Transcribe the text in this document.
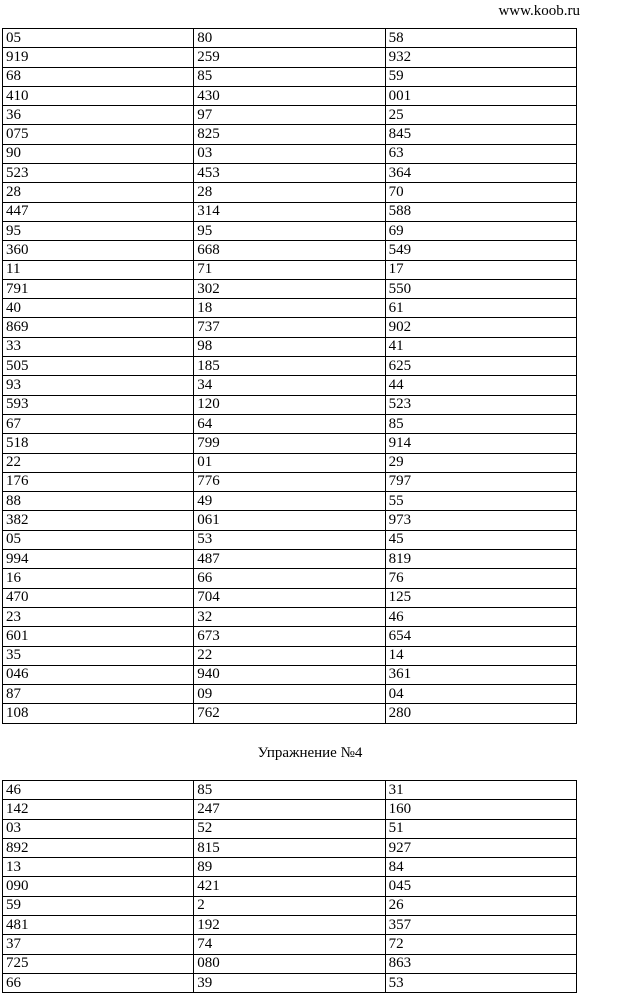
www.koob.ru
05	80	58
919	259	932
68	85	59
410	430	001
36	97	25
075	825	845
90	03	63
523	453	364
28	28	70
447	314	588
95	95	69
360	668	549
11	71	17
791	302	550
40	18	61
869	737	902
33	98	41
505	185	625
93	34	44
593	120	523
67	64	85
518	799	914
22	01	29
176	776	797
88	49	55
382	061	973
05	53	45
994	487	819
16	66	76
470	704	125
23	32	46
601	673	654
35	22	14
046	940	361
87	09	04
108	762	280
Упражнение №4
46	85	31
142	247	160
03	52	51
892	815	927
13	89	84
090	421	045
59	2	26
481	192	357
37	74	72
725	080	863
66	39	53
